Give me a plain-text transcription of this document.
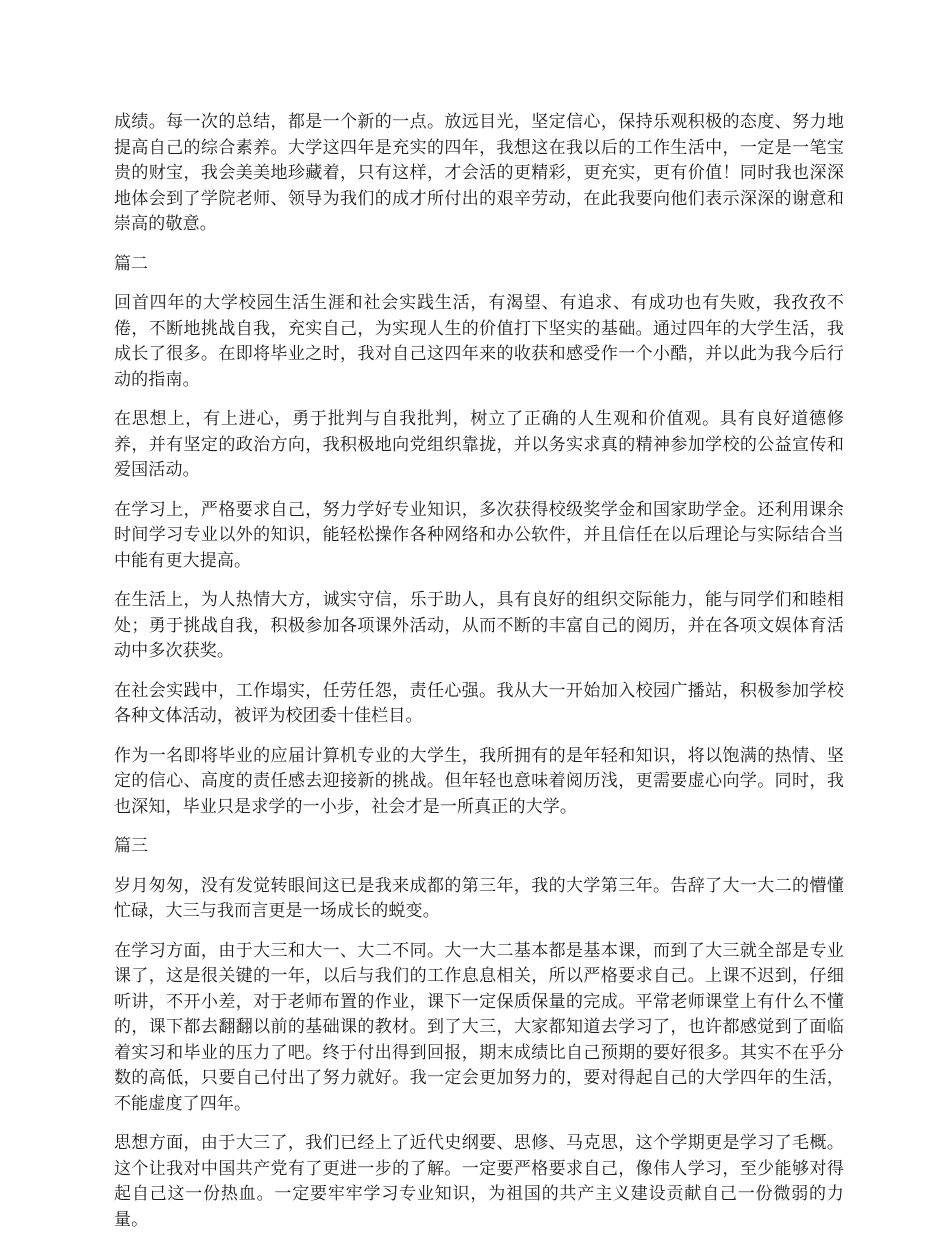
成绩。每一次的总结，都是一个新的一点。放远目光，坚定信心，保持乐观积极的态度、努力地提高自己的综合素养。大学这四年是充实的四年，我想这在我以后的工作生活中，一定是一笔宝贵的财宝，我会美美地珍藏着，只有这样，才会活的更精彩，更充实，更有价值！同时我也深深地体会到了学院老师、领导为我们的成才所付出的艰辛劳动，在此我要向他们表示深深的谢意和崇高的敬意。

篇二

回首四年的大学校园生活生涯和社会实践生活，有渴望、有追求、有成功也有失败，我孜孜不倦，不断地挑战自我，充实自己，为实现人生的价值打下坚实的基础。通过四年的大学生活，我成长了很多。在即将毕业之时，我对自己这四年来的收获和感受作一个小酷，并以此为我今后行动的指南。

在思想上，有上进心，勇于批判与自我批判，树立了正确的人生观和价值观。具有良好道德修养，并有坚定的政治方向，我积极地向党组织靠拢，并以务实求真的精神参加学校的公益宣传和爱国活动。

在学习上，严格要求自己，努力学好专业知识，多次获得校级奖学金和国家助学金。还利用课余时间学习专业以外的知识，能轻松操作各种网络和办公软件，并且信任在以后理论与实际结合当中能有更大提高。

在生活上，为人热情大方，诚实守信，乐于助人，具有良好的组织交际能力，能与同学们和睦相处；勇于挑战自我，积极参加各项课外活动，从而不断的丰富自己的阅历，并在各项文娱体育活动中多次获奖。

在社会实践中，工作塌实，任劳任怨，责任心强。我从大一开始加入校园广播站，积极参加学校各种文体活动，被评为校团委十佳栏目。

作为一名即将毕业的应届计算机专业的大学生，我所拥有的是年轻和知识，将以饱满的热情、坚定的信心、高度的责任感去迎接新的挑战。但年轻也意味着阅历浅，更需要虚心向学。同时，我也深知，毕业只是求学的一小步，社会才是一所真正的大学。

篇三

岁月匆匆，没有发觉转眼间这已是我来成都的第三年，我的大学第三年。告辞了大一大二的懵懂忙碌，大三与我而言更是一场成长的蜕变。

在学习方面，由于大三和大一、大二不同。大一大二基本都是基本课，而到了大三就全部是专业课了，这是很关键的一年，以后与我们的工作息息相关，所以严格要求自己。上课不迟到，仔细听讲，不开小差，对于老师布置的作业，课下一定保质保量的完成。平常老师课堂上有什么不懂的，课下都去翻翻以前的基础课的教材。到了大三，大家都知道去学习了，也许都感觉到了面临着实习和毕业的压力了吧。终于付出得到回报，期末成绩比自己预期的要好很多。其实不在乎分数的高低，只要自己付出了努力就好。我一定会更加努力的，要对得起自己的大学四年的生活，不能虚度了四年。

思想方面，由于大三了，我们已经上了近代史纲要、思修、马克思，这个学期更是学习了毛概。这个让我对中国共产党有了更进一步的了解。一定要严格要求自己，像伟人学习，至少能够对得起自己这一份热血。一定要牢牢学习专业知识，为祖国的共产主义建设贡献自己一份微弱的力量。
